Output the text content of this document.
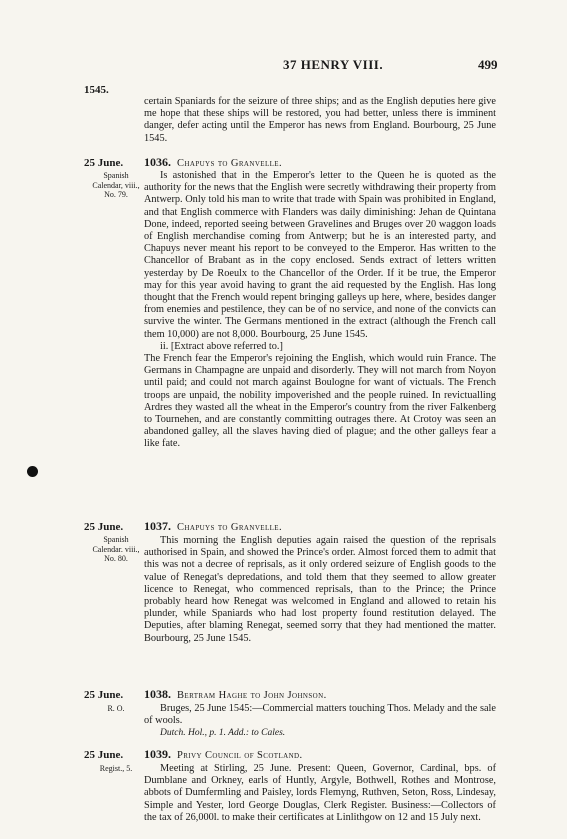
37 HENRY VIII.	499
1545.

certain Spaniards for the seizure of three ships; and as the English deputies here give me hope that these ships will be restored, you had better, unless there is imminent danger, defer acting until the Emperor has news from England. Bourbourg, 25 June 1545.

25 June.
Spanish Calendar, viii., No. 79.
1036. Chapuys to Granvelle.

Is astonished that in the Emperor's letter to the Queen he is quoted as the authority for the news that the English were secretly withdrawing their property from Antwerp. Only told his man to write that trade with Spain was prohibited in England, and that English commerce with Flanders was daily diminishing: Jehan de Quintana Done, indeed, reported seeing between Gravelines and Bruges over 20 waggon loads of English merchandise coming from Antwerp; but he is an interested party, and Chapuys never meant his report to be conveyed to the Emperor. Has written to the Chancellor of Brabant as in the copy enclosed. Sends extract of letters written yesterday by De Roeulx to the Chancellor of the Order. If it be true, the Emperor may for this year avoid having to grant the aid requested by the English. Has long thought that the French would repent bringing galleys up here, where, besides danger from enemies and pestilence, they can be of no service, and none of the convicts can survive the winter. The Germans mentioned in the extract (although the French call them 10,000) are not 8,000. Bourbourg, 25 June 1545.

ii. [Extract above referred to.]

The French fear the Emperor's rejoining the English, which would ruin France. The Germans in Champagne are unpaid and disorderly. They will not march from Noyon until paid; and could not march against Boulogne for want of victuals. The French troops are unpaid, the nobility impoverished and the people ruined. In revictualling Ardres they wasted all the wheat in the Emperor's country from the river Falkenberg to Tournehen, and are constantly committing outrages there. At Crotoy was seen an abandoned galley, all the slaves having died of plague; and the other galleys fear a like fate.

25 June.
Spanish Calendar. viii., No. 80.
1037. Chapuys to Granvelle.

This morning the English deputies again raised the question of the reprisals authorised in Spain, and showed the Prince's order. Almost forced them to admit that this was not a decree of reprisals, as it only ordered seizure of English goods to the value of Renegat's depredations, and told them that they seemed to allow greater licence to Renegat, who commenced reprisals, than to the Prince; the Prince probably heard how Renegat was welcomed in England and allowed to retain his plunder, while Spaniards who had lost property found restitution delayed. The Deputies, after blaming Renegat, seemed sorry that they had mentioned the matter. Bourbourg, 25 June 1545.

25 June.
R. O.
1038. Bertram Haghe to John Johnson.

Bruges, 25 June 1545:—Commercial matters touching Thos. Melady and the sale of wools.

Dutch. Hol., p. 1. Add.: to Cales.

25 June.
Regist., 5.
1039. Privy Council of Scotland.

Meeting at Stirling, 25 June. Present: Queen, Governor, Cardinal, bps. of Dumblane and Orkney, earls of Huntly, Argyle, Bothwell, Rothes and Montrose, abbots of Dumfermling and Paisley, lords Flemyng, Ruthven, Seton, Ross, Lindesay, Simple and Yester, lord George Douglas, Clerk Register. Business:—Collectors of the tax of 26,000l. to make their certificates at Linlithgow on 12 and 15 July next.
